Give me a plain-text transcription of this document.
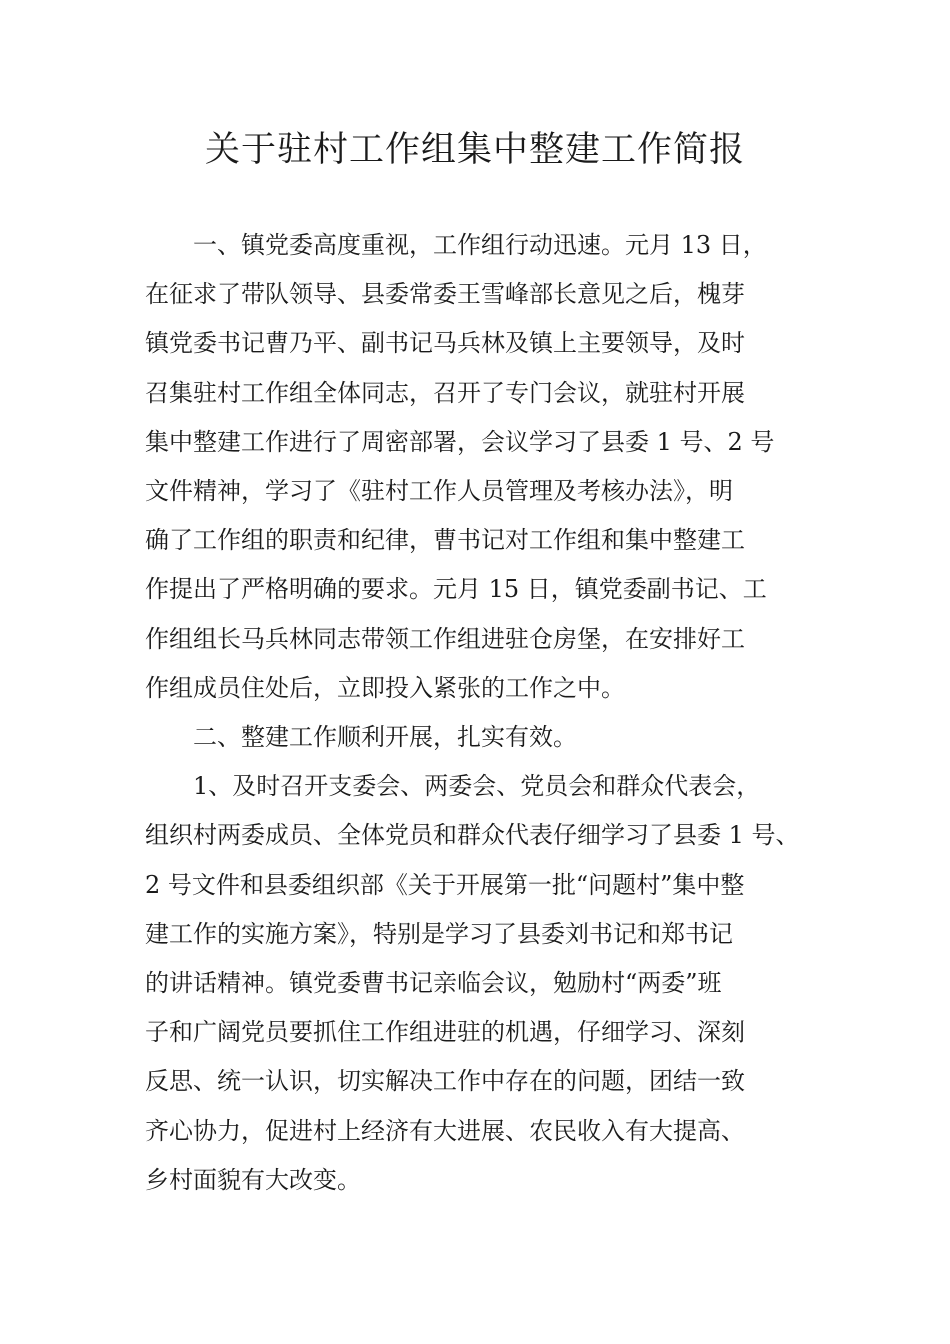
关于驻村工作组集中整建工作简报

一、镇党委高度重视，工作组行动迅速。元月 13 日，
在征求了带队领导、县委常委王雪峰部长意见之后，槐芽
镇党委书记曹乃平、副书记马兵林及镇上主要领导，及时
召集驻村工作组全体同志，召开了专门会议，就驻村开展
集中整建工作进行了周密部署，会议学习了县委 1 号、2 号
文件精神，学习了《驻村工作人员管理及考核办法》，明
确了工作组的职责和纪律，曹书记对工作组和集中整建工
作提出了严格明确的要求。元月 15 日，镇党委副书记、工
作组组长马兵林同志带领工作组进驻仓房堡，在安排好工
作组成员住处后，立即投入紧张的工作之中。

二、整建工作顺利开展，扎实有效。

1、及时召开支委会、两委会、党员会和群众代表会，
组织村两委成员、全体党员和群众代表仔细学习了县委 1 号、
2 号文件和县委组织部《关于开展第一批“问题村”集中整
建工作的实施方案》，特别是学习了县委刘书记和郑书记
的讲话精神。镇党委曹书记亲临会议，勉励村“两委”班
子和广阔党员要抓住工作组进驻的机遇，仔细学习、深刻
反思、统一认识，切实解决工作中存在的问题，团结一致
齐心协力，促进村上经济有大进展、农民收入有大提高、
乡村面貌有大改变。
